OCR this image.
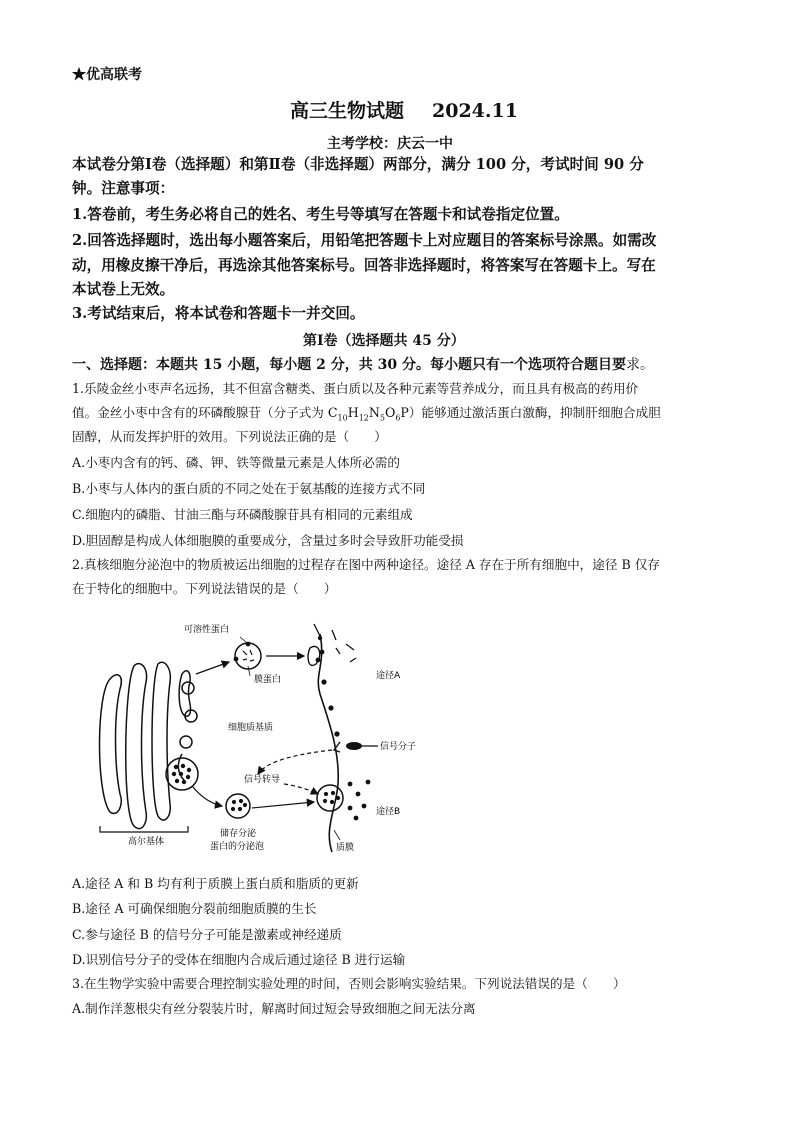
★优高联考
高三生物试题 2024.11
主考学校：庆云一中
本试卷分第Ⅰ卷（选择题）和第Ⅱ卷（非选择题）两部分，满分 100 分，考试时间 90 分
钟。注意事项：
1.答卷前，考生务必将自己的姓名、考生号等填写在答题卡和试卷指定位置。
2.回答选择题时，选出每小题答案后，用铅笔把答题卡上对应题目的答案标号涂黑。如需改
动，用橡皮擦干净后，再选涂其他答案标号。回答非选择题时，将答案写在答题卡上。写在
本试卷上无效。
3.考试结束后，将本试卷和答题卡一并交回。
第Ⅰ卷（选择题共 45 分）
一、选择题：本题共 15 小题，每小题 2 分，共 30 分。每小题只有一个选项符合题目要求。
1.乐陵金丝小枣声名远扬，其不但富含糖类、蛋白质以及各种元素等营养成分，而且具有极高的药用价
值。金丝小枣中含有的环磷酸腺苷（分子式为 $C_{10}H_{12}N_5O_6P$）能够通过激活蛋白激酶，抑制肝细胞合成胆
固醇，从而发挥护肝的效用。下列说法正确的是（　　）
A.小枣内含有的钙、磷、钾、铁等微量元素是人体所必需的
B.小枣与人体内的蛋白质的不同之处在于氨基酸的连接方式不同
C.细胞内的磷脂、甘油三酯与环磷酸腺苷具有相同的元素组成
D.胆固醇是构成人体细胞膜的重要成分，含量过多时会导致肝功能受损
2.真核细胞分泌泡中的物质被运出细胞的过程存在图中两种途径。途径 A 存在于所有细胞中，途径 B 仅存
在于特化的细胞中。下列说法错误的是（　　）
可溶性蛋白
膜蛋白	途径A
细胞质基质
信号分子
信号转导
途径B
高尔基体
储存分泌
蛋白的分泌泡	质膜
A.途径 A 和 B 均有利于质膜上蛋白质和脂质的更新
B.途径 A 可确保细胞分裂前细胞质膜的生长
C.参与途径 B 的信号分子可能是激素或神经递质
D.识别信号分子的受体在细胞内合成后通过途径 B 进行运输
3.在生物学实验中需要合理控制实验处理的时间，否则会影响实验结果。下列说法错误的是（　　）
A.制作洋葱根尖有丝分裂装片时，解离时间过短会导致细胞之间无法分离
